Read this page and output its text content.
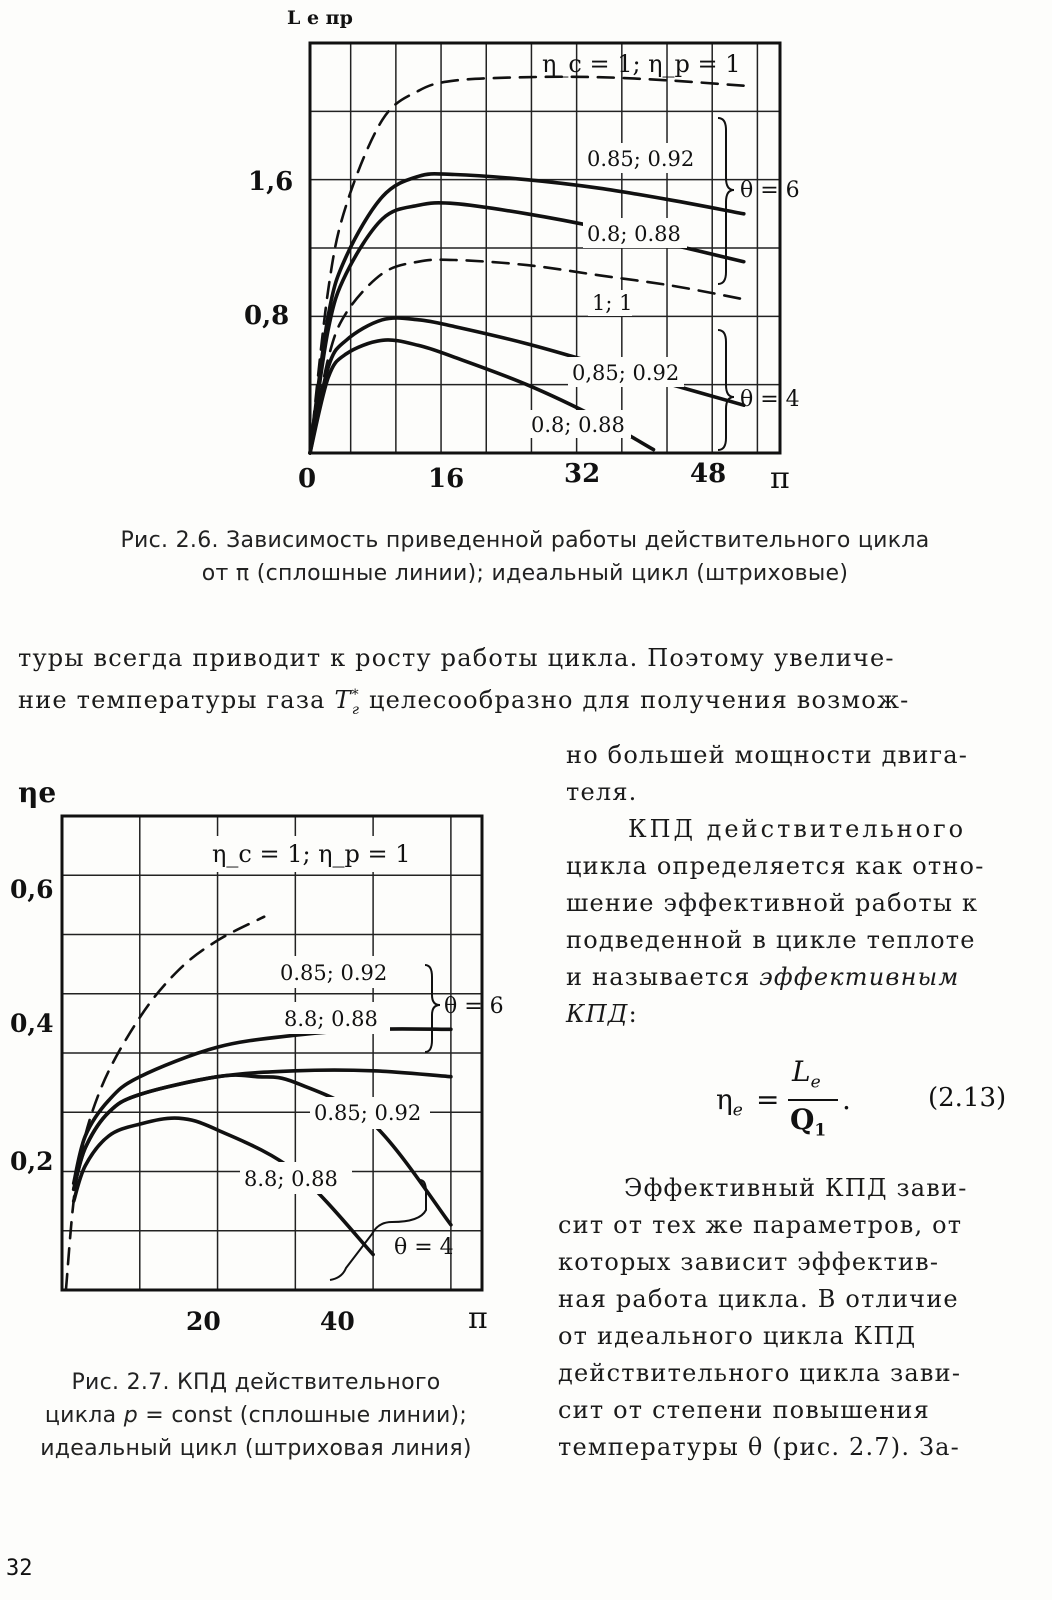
L e пр
1,6
0,8
0	16	32	48 π
η_c = 1; η_p = 1
0.85; 0.92
0.8; 0.88
1; 1
0,85; 0.92
0.8; 0.88
θ = 6
θ = 4
Рис. 2.6. Зависимость приведенной работы действительного цикла
от π (сплошные линии); идеальный цикл (штриховые)

туры всегда приводит к росту работы цикла. Поэтому увеличе-

ние температуры газа $T^*_г$ целесообразно для получения возмож-

но большей мощности двига-

теля.

КПД действительного

цикла определяется как отно-

шение эффективной работы к

подведенной в цикле теплоте

и называется эффективным

КПД:

$\eta_e$ =
$L_e$
$Q_1$
.	(2.13)

Эффективный КПД зави-

сит от тех же параметров, от

которых зависит эффектив-

ная работа цикла. В отличие

от идеального цикла КПД

действительного цикла зави-

сит от степени повышения

температуры θ (рис. 2.7). За-

ηe
0,6
0,4
0,2
20	40	π
η_c = 1; η_p = 1
0.85; 0.92
8.8; 0.88
0.85; 0.92
8.8; 0.88
θ = 6
θ = 4
Рис. 2.7. КПД действительного
цикла p = const (сплошные линии);
идеальный цикл (штриховая линия)
32
